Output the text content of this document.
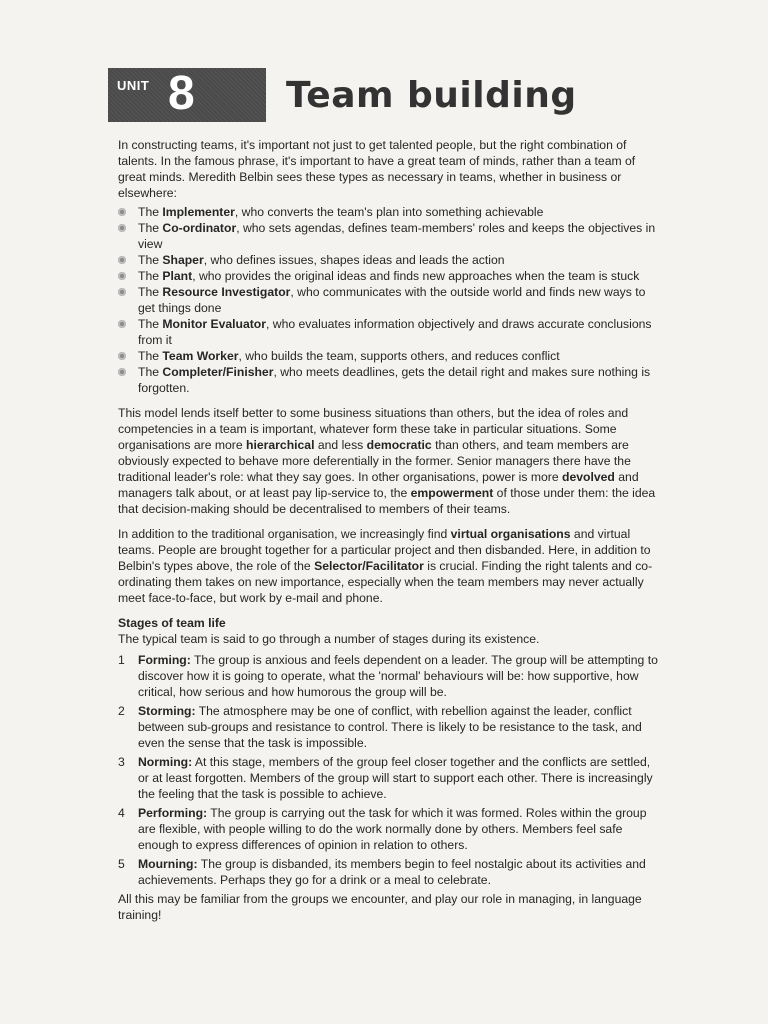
UNIT 8	Team building

In constructing teams, it's important not just to get talented people, but the right combination of talents. In the famous phrase, it's important to have a great team of minds, rather than a team of great minds. Meredith Belbin sees these types as necessary in teams, whether in business or elsewhere:

The Implementer, who converts the team's plan into something achievable
The Co-ordinator, who sets agendas, defines team-members' roles and keeps the objectives in view
The Shaper, who defines issues, shapes ideas and leads the action
The Plant, who provides the original ideas and finds new approaches when the team is stuck
The Resource Investigator, who communicates with the outside world and finds new ways to get things done
The Monitor Evaluator, who evaluates information objectively and draws accurate conclusions from it
The Team Worker, who builds the team, supports others, and reduces conflict
The Completer/Finisher, who meets deadlines, gets the detail right and makes sure nothing is forgotten.

This model lends itself better to some business situations than others, but the idea of roles and competencies in a team is important, whatever form these take in particular situations. Some organisations are more hierarchical and less democratic than others, and team members are obviously expected to behave more deferentially in the former. Senior managers there have the traditional leader's role: what they say goes. In other organisations, power is more devolved and managers talk about, or at least pay lip-service to, the empowerment of those under them: the idea that decision-making should be decentralised to members of their teams.

In addition to the traditional organisation, we increasingly find virtual organisations and virtual teams. People are brought together for a particular project and then disbanded. Here, in addition to Belbin's types above, the role of the Selector/Facilitator is crucial. Finding the right talents and co-ordinating them takes on new importance, especially when the team members may never actually meet face-to-face, but work by e-mail and phone.

Stages of team life

The typical team is said to go through a number of stages during its existence.

1 Forming: The group is anxious and feels dependent on a leader. The group will be attempting to discover how it is going to operate, what the 'normal' behaviours will be: how supportive, how critical, how serious and how humorous the group will be.
2 Storming: The atmosphere may be one of conflict, with rebellion against the leader, conflict between sub-groups and resistance to control. There is likely to be resistance to the task, and even the sense that the task is impossible.
3 Norming: At this stage, members of the group feel closer together and the conflicts are settled, or at least forgotten. Members of the group will start to support each other. There is increasingly the feeling that the task is possible to achieve.
4 Performing: The group is carrying out the task for which it was formed. Roles within the group are flexible, with people willing to do the work normally done by others. Members feel safe enough to express differences of opinion in relation to others.
5 Mourning: The group is disbanded, its members begin to feel nostalgic about its activities and achievements. Perhaps they go for a drink or a meal to celebrate.

All this may be familiar from the groups we encounter, and play our role in managing, in language training!
